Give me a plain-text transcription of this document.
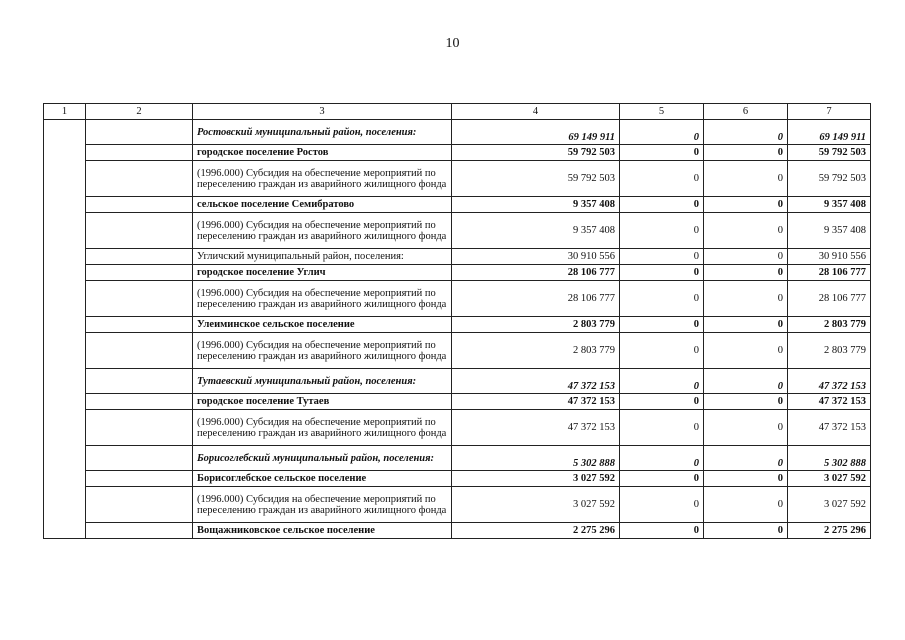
10
1	2	3	4	5	6	7
		Ростовский муниципальный район, поселения:	69 149 911	0	0	69 149 911
		городское поселение Ростов	59 792 503	0	0	59 792 503
		(1996.000) Субсидия на обеспечение мероприятий по переселению граждан из аварийного жилищного фонда	59 792 503	0	0	59 792 503
		сельское поселение Семибратово	9 357 408	0	0	9 357 408
		(1996.000) Субсидия на обеспечение мероприятий по переселению граждан из аварийного жилищного фонда	9 357 408	0	0	9 357 408
		Угличский муниципальный район, поселения:	30 910 556	0	0	30 910 556
		городское поселение Углич	28 106 777	0	0	28 106 777
		(1996.000) Субсидия на обеспечение мероприятий по переселению граждан из аварийного жилищного фонда	28 106 777	0	0	28 106 777
		Улеиминское сельское поселение	2 803 779	0	0	2 803 779
		(1996.000) Субсидия на обеспечение мероприятий по переселению граждан из аварийного жилищного фонда	2 803 779	0	0	2 803 779
		Тутаевский муниципальный район, поселения:	47 372 153	0	0	47 372 153
		городское поселение Тутаев	47 372 153	0	0	47 372 153
		(1996.000) Субсидия на обеспечение мероприятий по переселению граждан из аварийного жилищного фонда	47 372 153	0	0	47 372 153
		Борисоглебский муниципальный район, поселения:	5 302 888	0	0	5 302 888
		Борисоглебское сельское поселение	3 027 592	0	0	3 027 592
		(1996.000) Субсидия на обеспечение мероприятий по переселению граждан из аварийного жилищного фонда	3 027 592	0	0	3 027 592
		Вощажниковское сельское поселение	2 275 296	0	0	2 275 296
